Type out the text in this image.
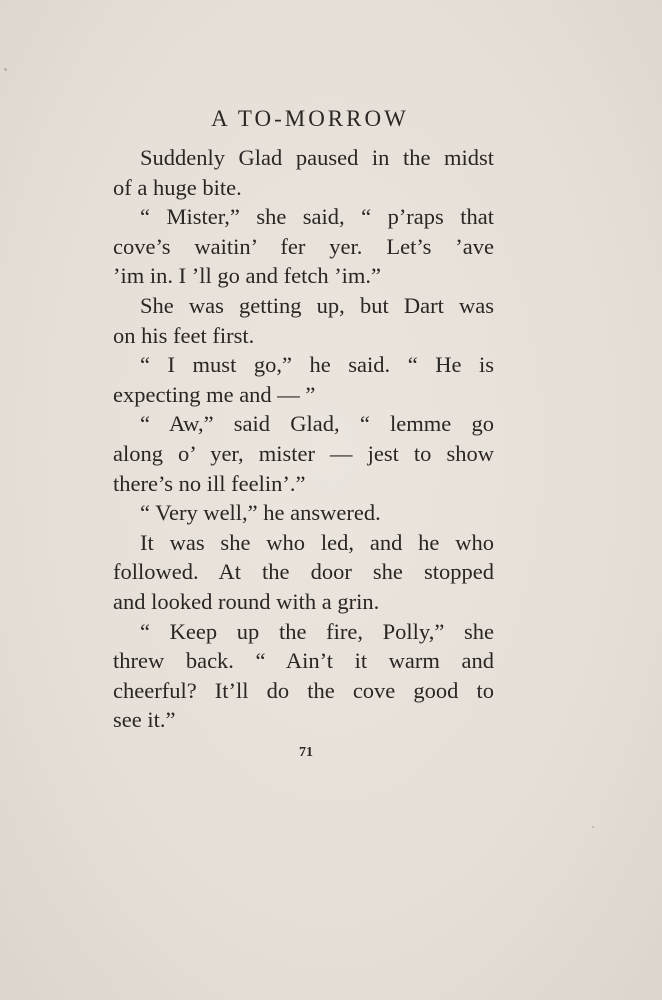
A TO-MORROW
Suddenly Glad paused in the midst
of a huge bite.
“ Mister,” she said, “ p’raps that
cove’s waitin’ fer yer. Let’s ’ave
’im in. I ’ll go and fetch ’im.”
She was getting up, but Dart was
on his feet first.
“ I must go,” he said. “ He is
expecting me and — ”
“ Aw,” said Glad, “ lemme go
along o’ yer, mister — jest to show
there’s no ill feelin’.”
“ Very well,” he answered.
It was she who led, and he who
followed. At the door she stopped
and looked round with a grin.
“ Keep up the fire, Polly,” she
threw back. “ Ain’t it warm and
cheerful? It’ll do the cove good to
see it.”
71
